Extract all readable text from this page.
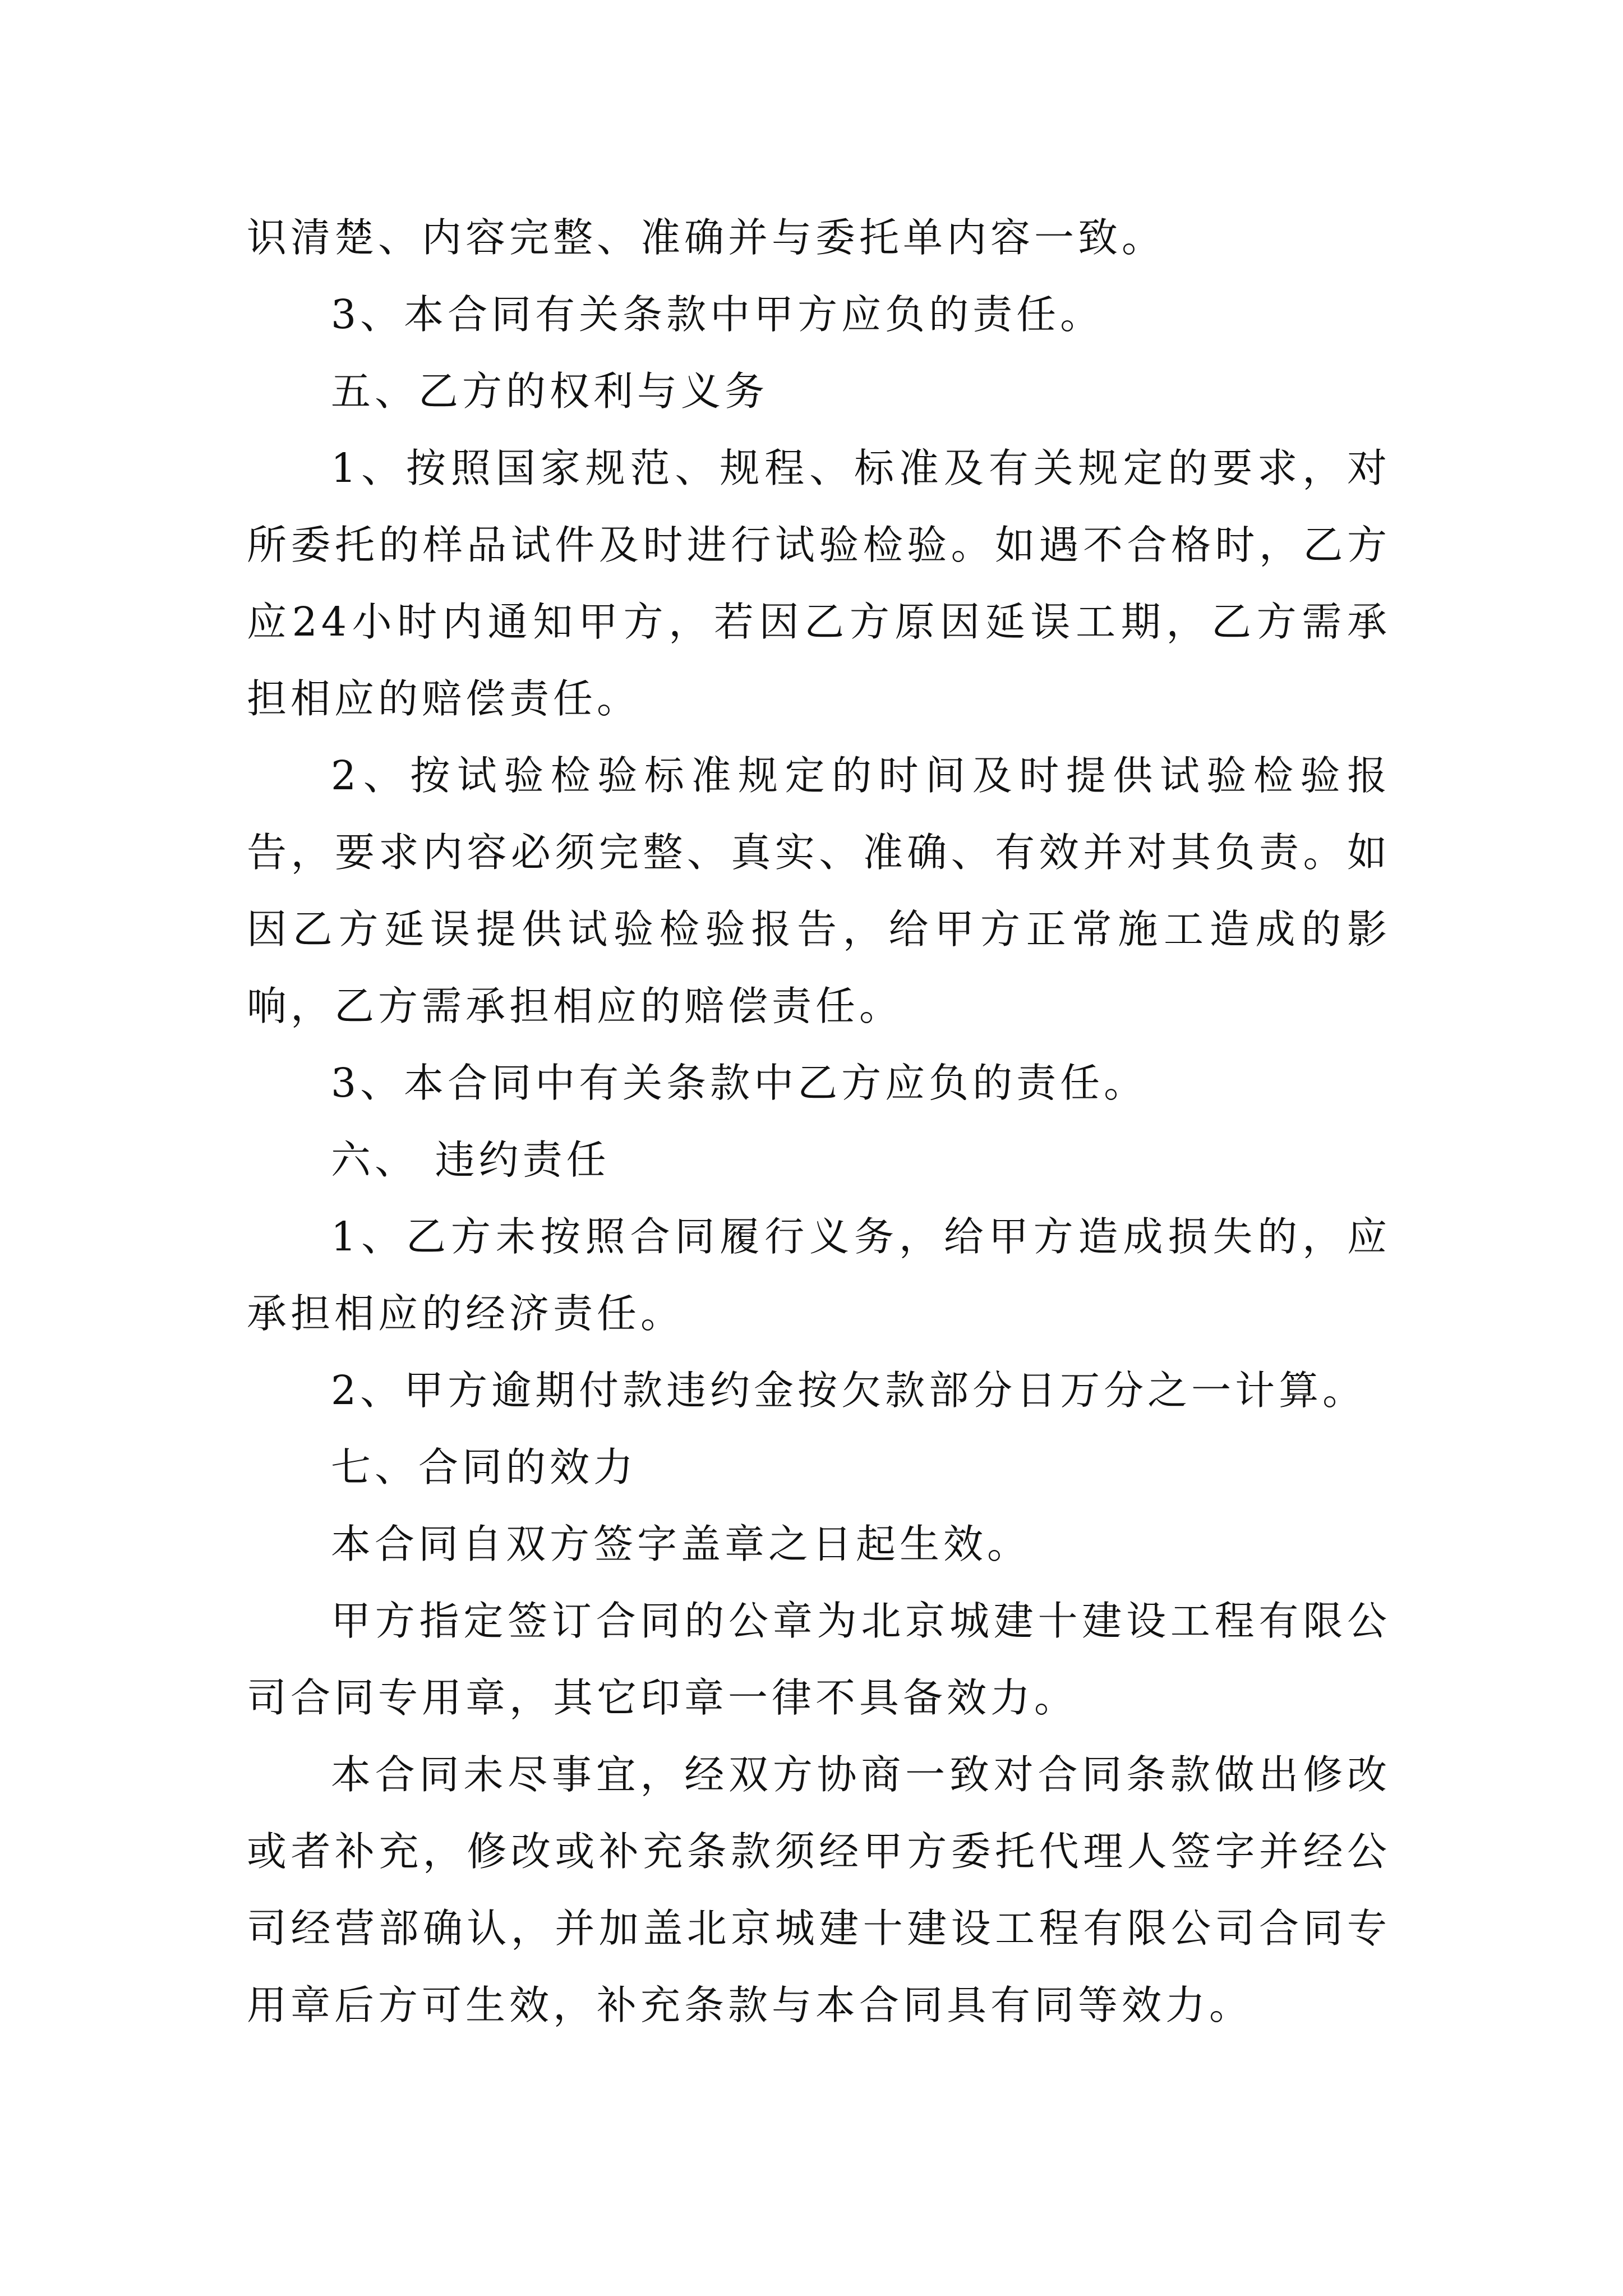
识清楚、内容完整、准确并与委托单内容一致。

3、本合同有关条款中甲方应负的责任。

五、乙方的权利与义务

1、按照国家规范、规程、标准及有关规定的要求，对所委托的样品试件及时进行试验检验。如遇不合格时，乙方应24小时内通知甲方，若因乙方原因延误工期，乙方需承担相应的赔偿责任。

2、按试验检验标准规定的时间及时提供试验检验报告，要求内容必须完整、真实、准确、有效并对其负责。如因乙方延误提供试验检验报告，给甲方正常施工造成的影响，乙方需承担相应的赔偿责任。

3、本合同中有关条款中乙方应负的责任。

六、 违约责任

1、乙方未按照合同履行义务，给甲方造成损失的，应承担相应的经济责任。

2、甲方逾期付款违约金按欠款部分日万分之一计算。

七、合同的效力

本合同自双方签字盖章之日起生效。

甲方指定签订合同的公章为北京城建十建设工程有限公司合同专用章，其它印章一律不具备效力。

本合同未尽事宜，经双方协商一致对合同条款做出修改或者补充，修改或补充条款须经甲方委托代理人签字并经公司经营部确认，并加盖北京城建十建设工程有限公司合同专用章后方可生效，补充条款与本合同具有同等效力。
